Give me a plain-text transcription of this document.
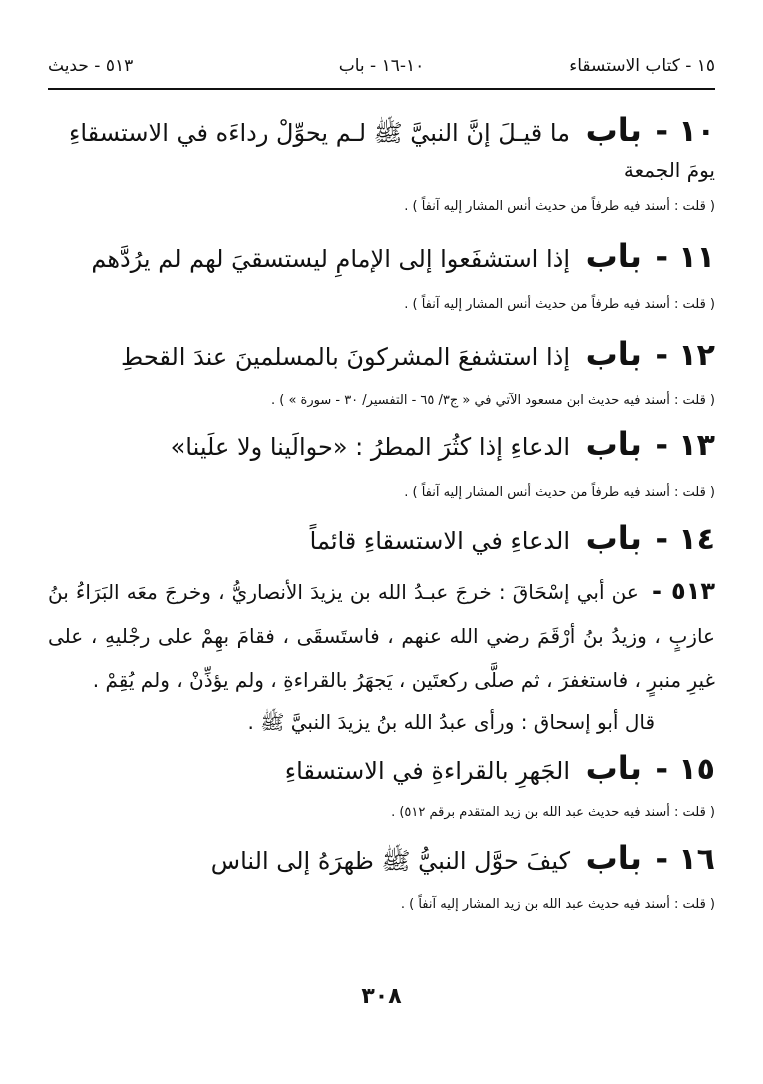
١٥ - كتاب الاستسقاء
١٠-١٦ - باب
٥١٣ - حديث

١٠ - باب ما قيـلَ إنَّ النبيَّ ﷺ لـم يحوِّلْ رداءَه في الاستسقاءِ

يومَ الجمعة

( قلت : أسند فيه طرفاً من حديث أنس المشار إليه آنفاً ) .

١١ - باب إذا استشفَعوا إلى الإمامِ ليستسقيَ لهم لم يرُدَّهم

( قلت : أسند فيه طرفاً من حديث أنس المشار إليه آنفاً ) .

١٢ - باب إذا استشفعَ المشركونَ بالمسلمينَ عندَ القحطِ

( قلت : أسند فيه حديث ابن مسعود الآتي في « ج٣/ ٦٥ - التفسير/ ٣٠ - سورة » ) .

١٣ - باب الدعاءِ إذا كثُرَ المطرُ : «حوالَينا ولا علَينا»

( قلت : أسند فيه طرفاً من حديث أنس المشار إليه آنفاً ) .

١٤ - باب الدعاءِ في الاستسقاءِ قائماً

٥١٣ - عن أبي إسْحَاقَ : خرجَ عبـدُ الله بن يزيدَ الأنصاريُّ ، وخرجَ معَه البَرَاءُ بنُ عازبٍ ، وزيدُ بنُ أرْقَمَ رضي الله عنهم ، فاستَسقَى ، فقامَ بهِمْ على رجْليهِ ، على غيرِ منبرٍ ، فاستغفرَ ، ثم صلَّى ركعتَين ، يَجهَرُ بالقراءةِ ، ولم يؤذِّنْ ، ولم يُقِمْ .

قال أبو إسحاق : ورأى عبدُ الله بنُ يزيدَ النبيَّ ﷺ .

١٥ - باب الجَهرِ بالقراءةِ في الاستسقاءِ

( قلت : أسند فيه حديث عبد الله بن زيد المتقدم برقم ٥١٢) .

١٦ - باب كيفَ حوَّل النبيُّ ﷺ ظهرَهُ إلى الناس

( قلت : أسند فيه حديث عبد الله بن زيد المشار إليه آنفاً ) .

٣٠٨
